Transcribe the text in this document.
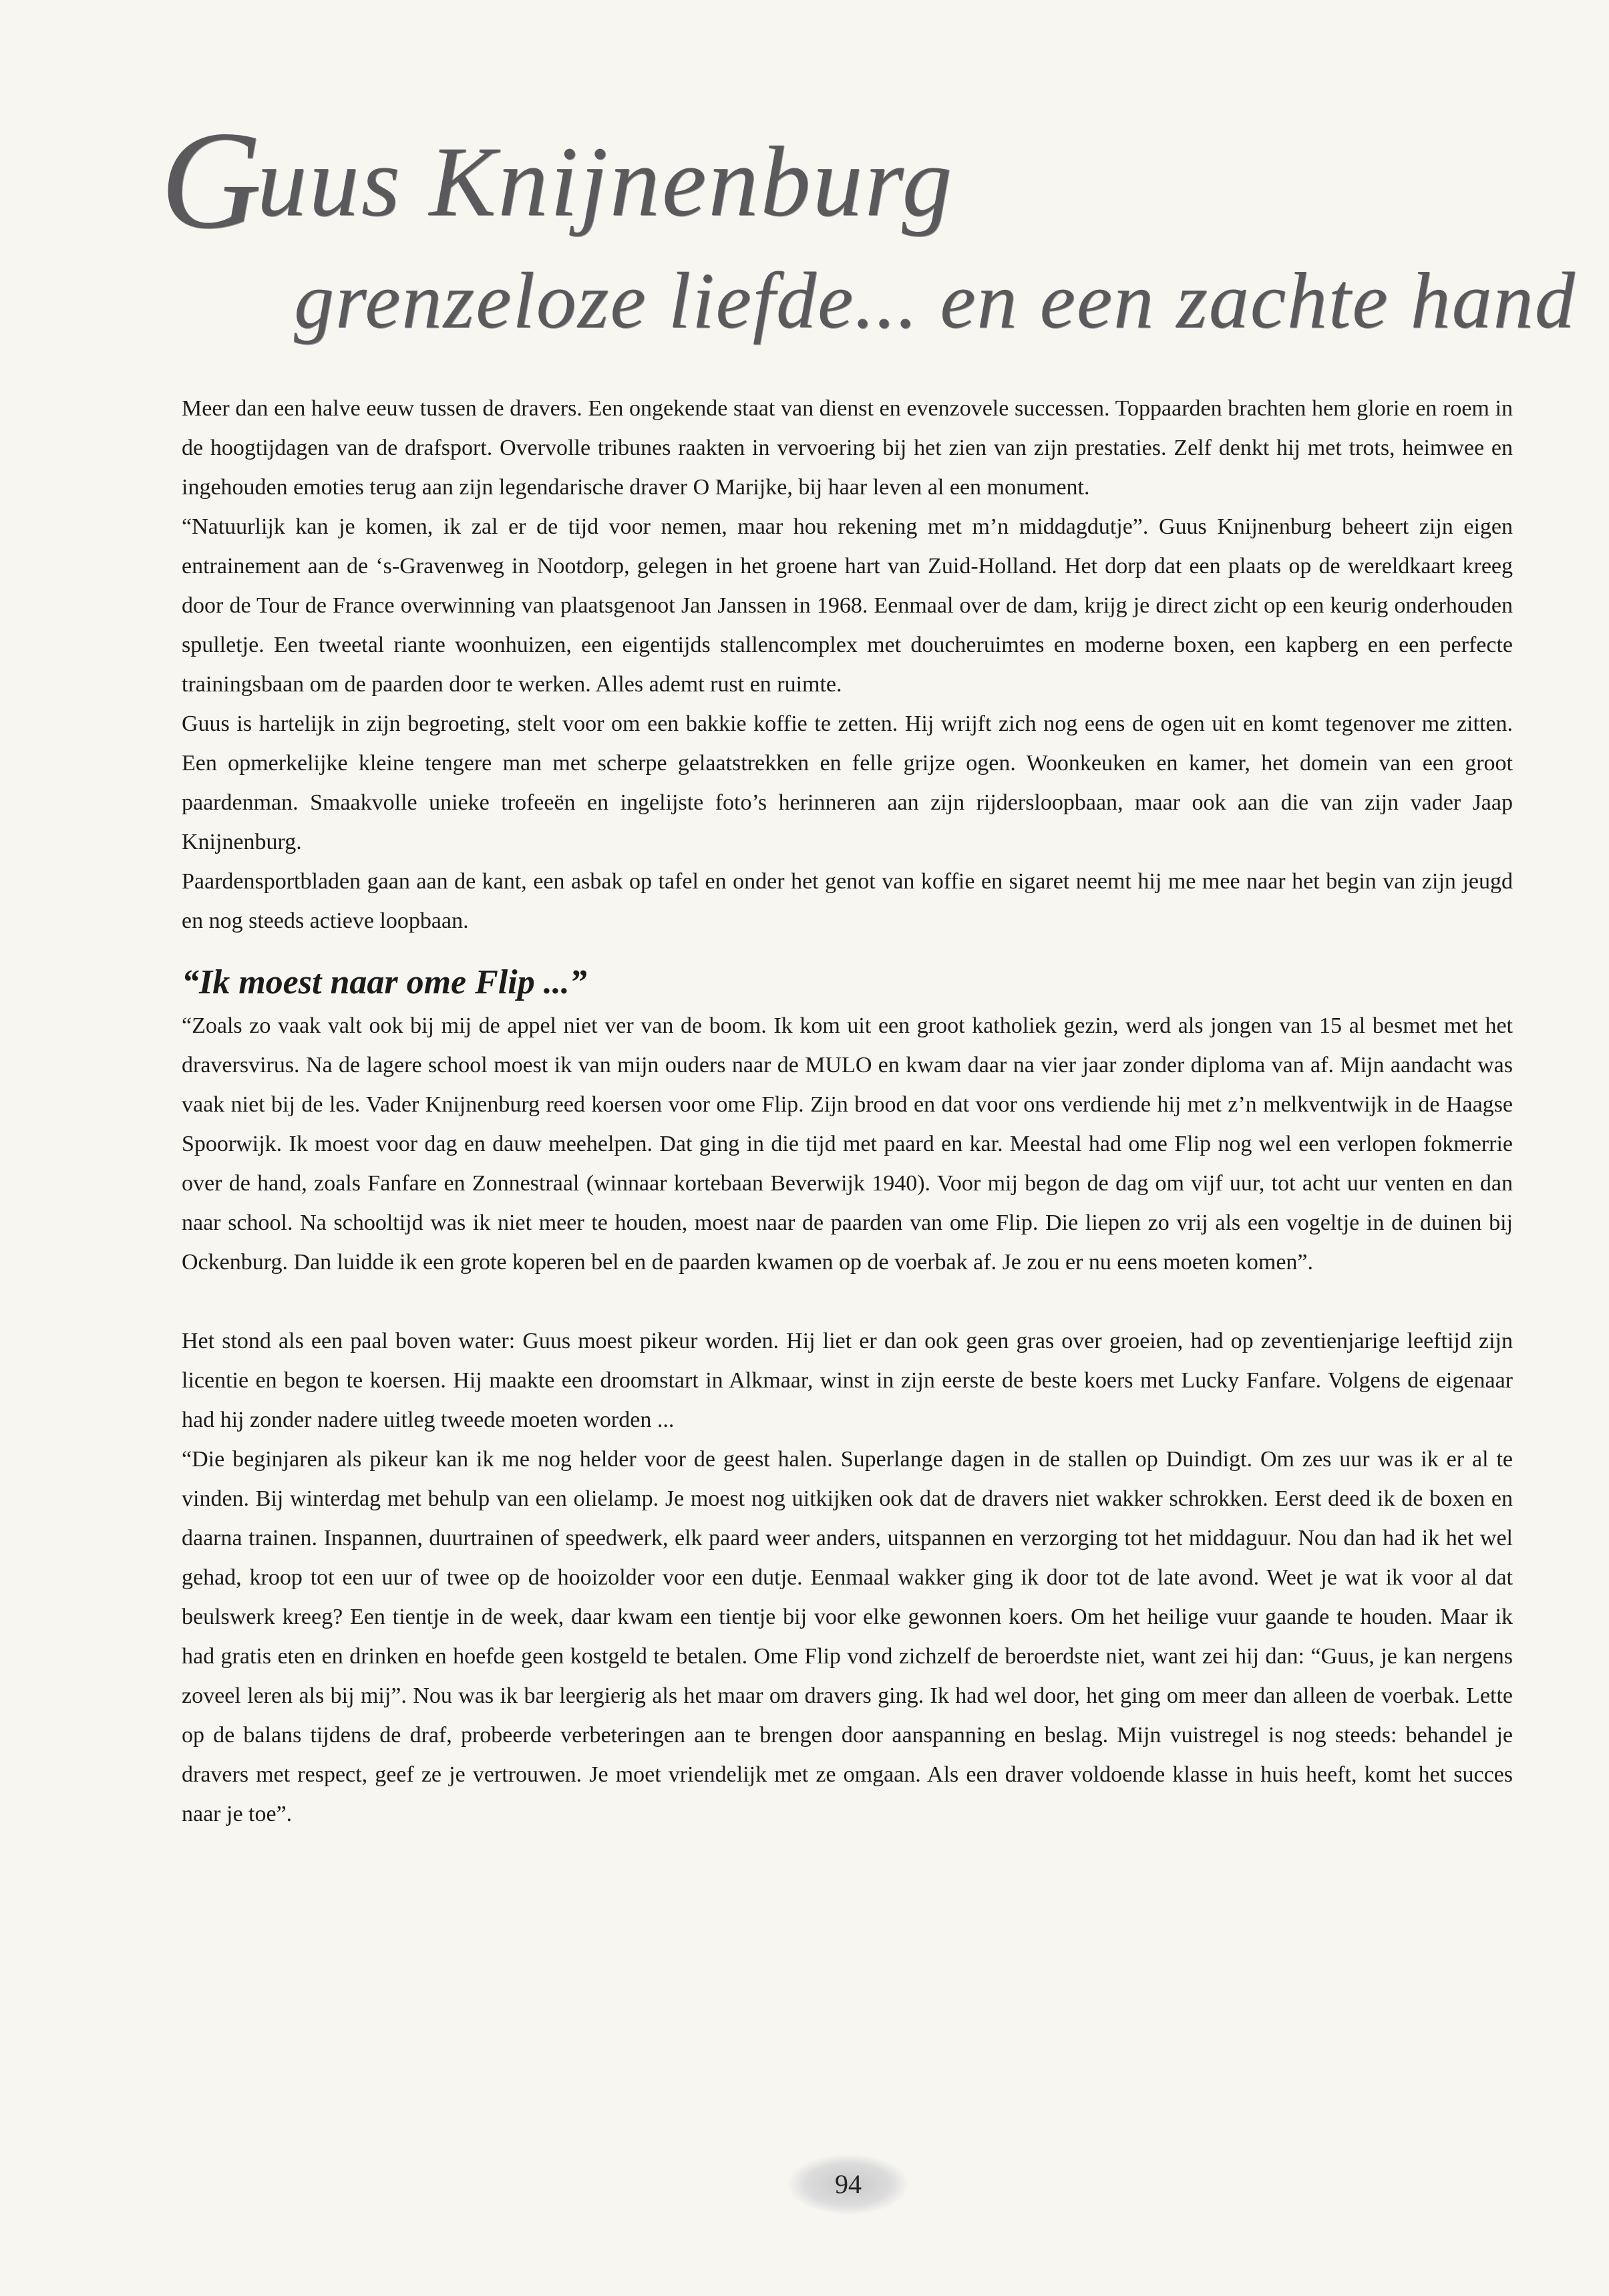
Guus Knijnenburg
grenzeloze liefde... en een zachte hand

Meer dan een halve eeuw tussen de dravers. Een ongekende staat van dienst en evenzovele successen. Toppaarden brachten hem glorie en roem in de hoogtijdagen van de drafsport. Overvolle tribunes raakten in vervoering bij het zien van zijn prestaties. Zelf denkt hij met trots, heimwee en ingehouden emoties terug aan zijn legendarische draver O Marijke, bij haar leven al een monument.

“Natuurlijk kan je komen, ik zal er de tijd voor nemen, maar hou rekening met m’n middagdutje”. Guus Knijnenburg beheert zijn eigen entrainement aan de ‘s-Gravenweg in Nootdorp, gelegen in het groene hart van Zuid-Holland. Het dorp dat een plaats op de wereldkaart kreeg door de Tour de France overwinning van plaatsgenoot Jan Janssen in 1968. Eenmaal over de dam, krijg je direct zicht op een keurig onderhouden spulletje. Een tweetal riante woonhuizen, een eigentijds stallencomplex met doucheruimtes en moderne boxen, een kapberg en een perfecte trainingsbaan om de paarden door te werken. Alles ademt rust en ruimte.

Guus is hartelijk in zijn begroeting, stelt voor om een bakkie koffie te zetten. Hij wrijft zich nog eens de ogen uit en komt tegenover me zitten. Een opmerkelijke kleine tengere man met scherpe gelaatstrekken en felle grijze ogen. Woonkeuken en kamer, het domein van een groot paardenman. Smaakvolle unieke trofeeën en ingelijste foto’s herinneren aan zijn rijdersloopbaan, maar ook aan die van zijn vader Jaap Knijnenburg.

Paardensportbladen gaan aan de kant, een asbak op tafel en onder het genot van koffie en sigaret neemt hij me mee naar het begin van zijn jeugd en nog steeds actieve loopbaan.

“Ik moest naar ome Flip ...”

“Zoals zo vaak valt ook bij mij de appel niet ver van de boom. Ik kom uit een groot katholiek gezin, werd als jongen van 15 al besmet met het draversvirus. Na de lagere school moest ik van mijn ouders naar de MULO en kwam daar na vier jaar zonder diploma van af. Mijn aandacht was vaak niet bij de les. Vader Knijnenburg reed koersen voor ome Flip. Zijn brood en dat voor ons verdiende hij met z’n melkventwijk in de Haagse Spoorwijk. Ik moest voor dag en dauw meehelpen. Dat ging in die tijd met paard en kar. Meestal had ome Flip nog wel een verlopen fokmerrie over de hand, zoals Fanfare en Zonnestraal (winnaar kortebaan Beverwijk 1940). Voor mij begon de dag om vijf uur, tot acht uur venten en dan naar school. Na schooltijd was ik niet meer te houden, moest naar de paarden van ome Flip. Die liepen zo vrij als een vogeltje in de duinen bij Ockenburg. Dan luidde ik een grote koperen bel en de paarden kwamen op de voerbak af. Je zou er nu eens moeten komen”.

Het stond als een paal boven water: Guus moest pikeur worden. Hij liet er dan ook geen gras over groeien, had op zeventienjarige leeftijd zijn licentie en begon te koersen. Hij maakte een droomstart in Alkmaar, winst in zijn eerste de beste koers met Lucky Fanfare. Volgens de eigenaar had hij zonder nadere uitleg tweede moeten worden ...

“Die beginjaren als pikeur kan ik me nog helder voor de geest halen. Superlange dagen in de stallen op Duindigt. Om zes uur was ik er al te vinden. Bij winterdag met behulp van een olielamp. Je moest nog uitkijken ook dat de dravers niet wakker schrokken. Eerst deed ik de boxen en daarna trainen. Inspannen, duurtrainen of speedwerk, elk paard weer anders, uitspannen en verzorging tot het middaguur. Nou dan had ik het wel gehad, kroop tot een uur of twee op de hooizolder voor een dutje. Eenmaal wakker ging ik door tot de late avond. Weet je wat ik voor al dat beulswerk kreeg? Een tientje in de week, daar kwam een tientje bij voor elke gewonnen koers. Om het heilige vuur gaande te houden. Maar ik had gratis eten en drinken en hoefde geen kostgeld te betalen. Ome Flip vond zichzelf de beroerdste niet, want zei hij dan: “Guus, je kan nergens zoveel leren als bij mij”. Nou was ik bar leergierig als het maar om dravers ging. Ik had wel door, het ging om meer dan alleen de voerbak. Lette op de balans tijdens de draf, probeerde verbeteringen aan te brengen door aanspanning en beslag. Mijn vuistregel is nog steeds: behandel je dravers met respect, geef ze je vertrouwen. Je moet vriendelijk met ze omgaan. Als een draver voldoende klasse in huis heeft, komt het succes naar je toe”.

94
